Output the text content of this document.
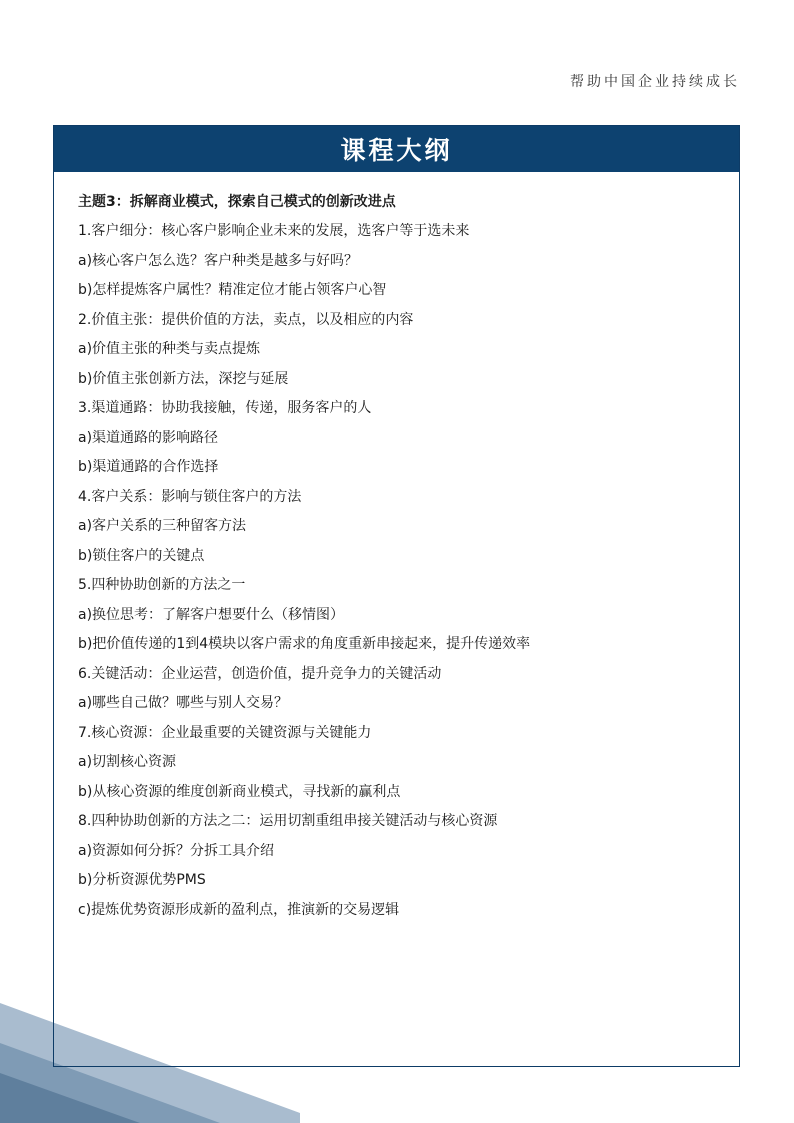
帮助中国企业持续成长
课程大纲
主题3：拆解商业模式，探索自己模式的创新改进点
1.客户细分：核心客户影响企业未来的发展，选客户等于选未来
a)核心客户怎么选？客户种类是越多与好吗？
b)怎样提炼客户属性？精准定位才能占领客户心智
2.价值主张：提供价值的方法，卖点，以及相应的内容
a)价值主张的种类与卖点提炼
b)价值主张创新方法，深挖与延展
3.渠道通路：协助我接触，传递，服务客户的人
a)渠道通路的影响路径
b)渠道通路的合作选择
4.客户关系：影响与锁住客户的方法
a)客户关系的三种留客方法
b)锁住客户的关键点
5.四种协助创新的方法之一
a)换位思考：了解客户想要什么（移情图）
b)把价值传递的1到4模块以客户需求的角度重新串接起来，提升传递效率
6.关键活动：企业运营，创造价值，提升竞争力的关键活动
a)哪些自己做？哪些与别人交易？
7.核心资源：企业最重要的关键资源与关键能力
a)切割核心资源
b)从核心资源的维度创新商业模式，寻找新的赢利点
8.四种协助创新的方法之二：运用切割重组串接关键活动与核心资源
a)资源如何分拆？分拆工具介绍
b)分析资源优势PMS
c)提炼优势资源形成新的盈利点，推演新的交易逻辑
